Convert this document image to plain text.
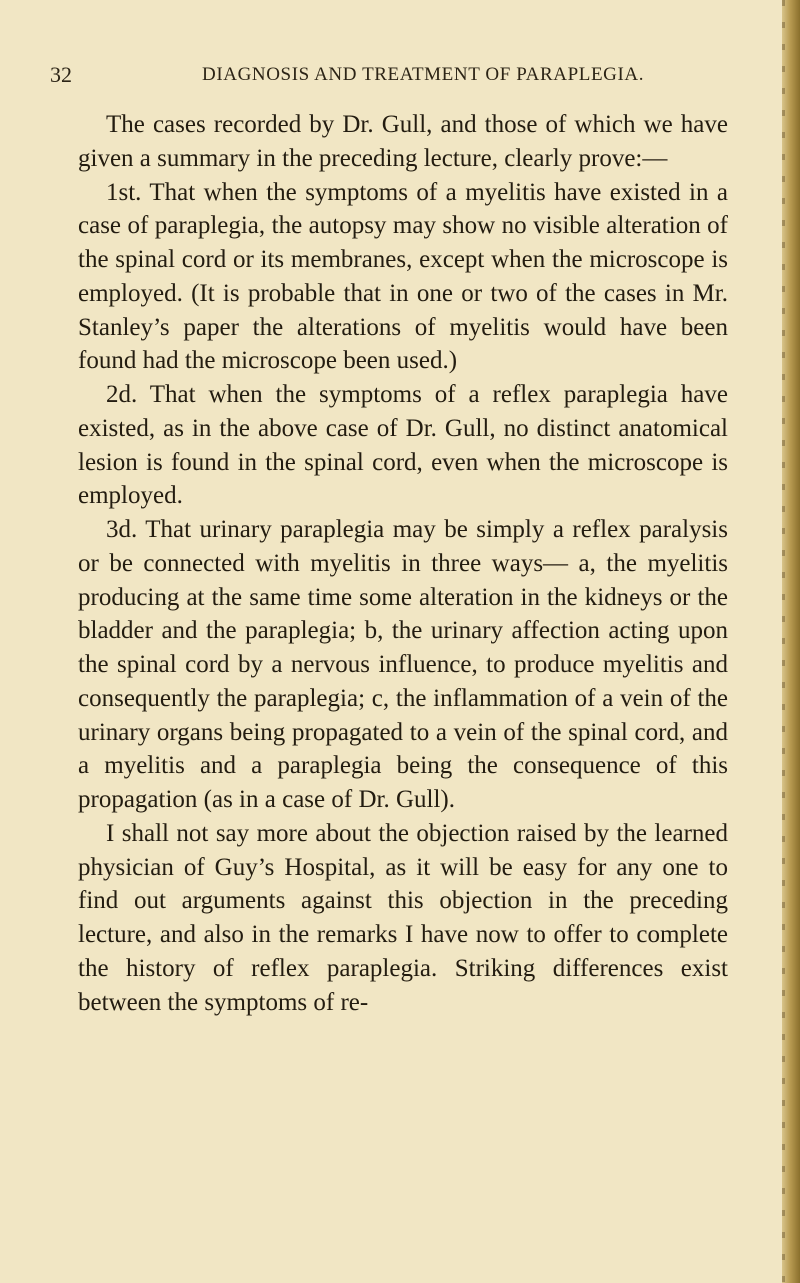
32	DIAGNOSIS AND TREATMENT OF PARAPLEGIA.

The cases recorded by Dr. Gull, and those of which we have given a summary in the preceding lecture, clearly prove:—

1st. That when the symptoms of a myelitis have existed in a case of paraplegia, the autopsy may show no visible alteration of the spinal cord or its membranes, except when the microscope is employed. (It is probable that in one or two of the cases in Mr. Stanley’s paper the alterations of myelitis would have been found had the microscope been used.)

2d. That when the symptoms of a reflex paraplegia have existed, as in the above case of Dr. Gull, no distinct anatomical lesion is found in the spinal cord, even when the microscope is employed.

3d. That urinary paraplegia may be simply a reflex paralysis or be connected with myelitis in three ways— a, the myelitis producing at the same time some alteration in the kidneys or the bladder and the paraplegia; b, the urinary affection acting upon the spinal cord by a nervous influence, to produce myelitis and consequently the paraplegia; c, the inflammation of a vein of the urinary organs being propagated to a vein of the spinal cord, and a myelitis and a paraplegia being the consequence of this propagation (as in a case of Dr. Gull).

I shall not say more about the objection raised by the learned physician of Guy’s Hospital, as it will be easy for any one to find out arguments against this objection in the preceding lecture, and also in the remarks I have now to offer to complete the history of reflex paraplegia. Striking differences exist between the symptoms of re-
